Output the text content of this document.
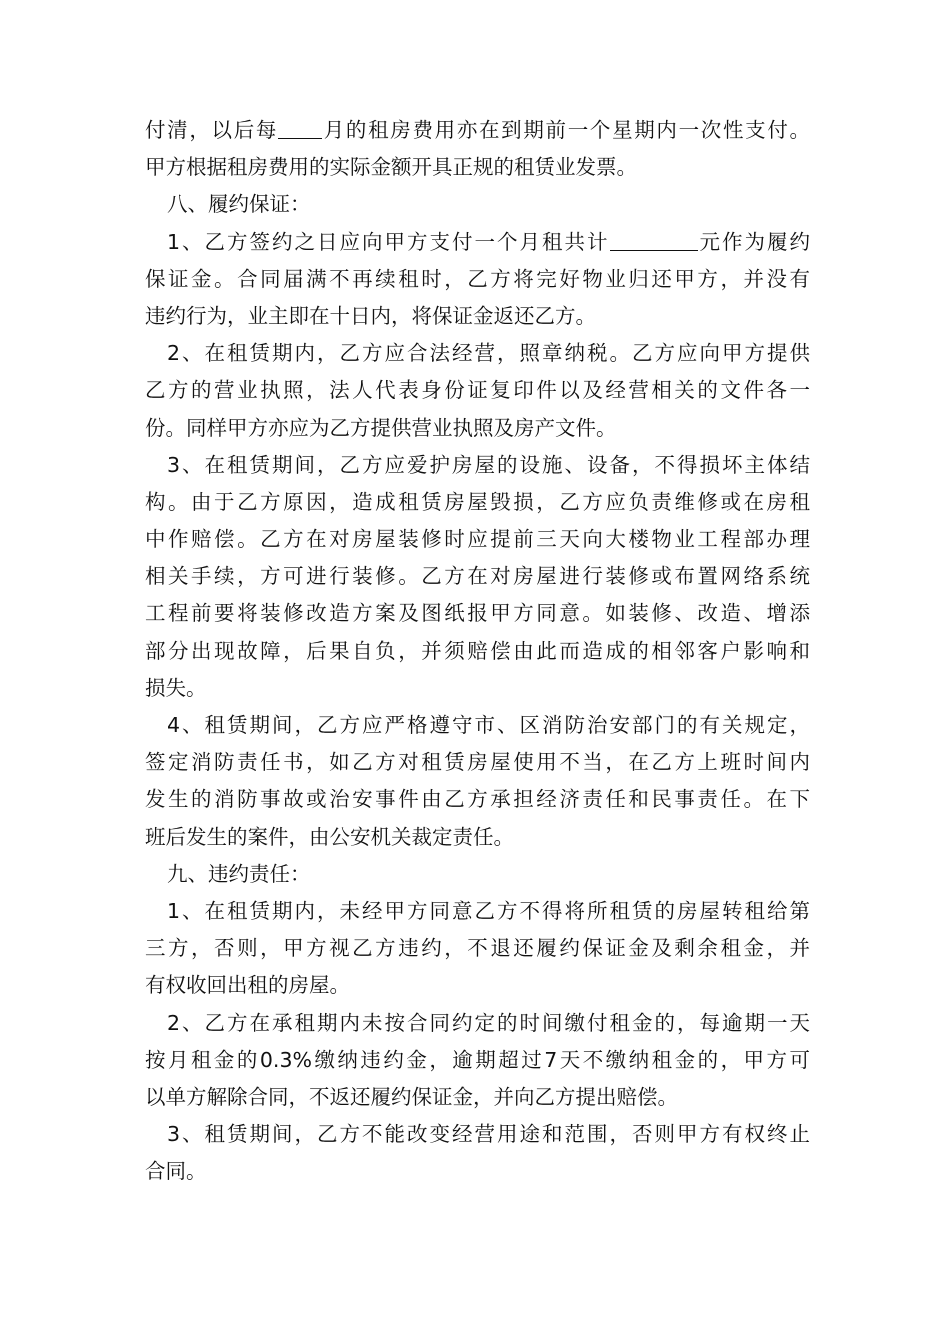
付清，以后每 月的租房费用亦在到期前一个星期内一次性支付。
甲方根据租房费用的实际金额开具正规的租赁业发票。
八、履约保证：
1、乙方签约之日应向甲方支付一个月租共计	元作为履约
保证金。合同届满不再续租时，乙方将完好物业归还甲方，并没有
违约行为，业主即在十日内，将保证金返还乙方。
2、在租赁期内，乙方应合法经营，照章纳税。乙方应向甲方提供
乙方的营业执照，法人代表身份证复印件以及经营相关的文件各一
份。同样甲方亦应为乙方提供营业执照及房产文件。
3、在租赁期间，乙方应爱护房屋的设施、设备，不得损坏主体结
构。由于乙方原因，造成租赁房屋毁损，乙方应负责维修或在房租
中作赔偿。乙方在对房屋装修时应提前三天向大楼物业工程部办理
相关手续，方可进行装修。乙方在对房屋进行装修或布置网络系统
工程前要将装修改造方案及图纸报甲方同意。如装修、改造、增添
部分出现故障，后果自负，并须赔偿由此而造成的相邻客户影响和
损失。
4、租赁期间，乙方应严格遵守市、区消防治安部门的有关规定，
签定消防责任书，如乙方对租赁房屋使用不当，在乙方上班时间内
发生的消防事故或治安事件由乙方承担经济责任和民事责任。在下
班后发生的案件，由公安机关裁定责任。
九、违约责任：
1、在租赁期内，未经甲方同意乙方不得将所租赁的房屋转租给第
三方，否则，甲方视乙方违约，不退还履约保证金及剩余租金，并
有权收回出租的房屋。
2、乙方在承租期内未按合同约定的时间缴付租金的，每逾期一天
按月租金的0.3%缴纳违约金，逾期超过7天不缴纳租金的，甲方可
以单方解除合同，不返还履约保证金，并向乙方提出赔偿。
3、租赁期间，乙方不能改变经营用途和范围，否则甲方有权终止
合同。
